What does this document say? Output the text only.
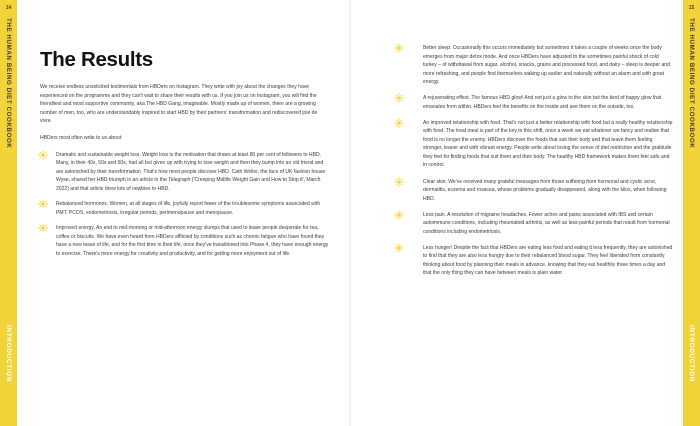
14
THE HUMAN BEING DIET COOKBOOK
INTRODUCTION
15
THE HUMAN BEING DIET COOKBOOK
INTRODUCTION
The Results

We receive endless unsolicited testimonials from HBDers on Instagram. They write with joy about the changes they have experienced on the programme and they can't wait to share their results with us. If you join us on Instagram, you will find the friendliest and most supportive community, aka The HBD Gang, imaginable. Mostly made up of women, there are a growing number of men, too, who are understandably inspired to start HBD by their partners' transformation and rediscovered joie de vivre.

HBDers most often write to us about:

Dramatic and sustainable weight loss. Weight loss is the motivation that draws at least 80 per cent of followers to HBD. Many, in their 40s, 50s and 60s, had all but given up with trying to lose weight and then they bump into an old friend and are astonished by their transformation. That's how most people discover HBD. Cath Weller, the face of UK fashion house Wyse, shared her HBD triumph in an article in the Telegraph ('Creeping Midlife Weight Gain and How to Stop it', March 2022) and that article drew lots of newbies to HBD.
Rebalanced hormones. Women, at all stages of life, joyfully report fewer of the troublesome symptoms associated with PMT, PCOS, endometriosis, irregular periods, perimenopause and menopause.
Improved energy. An end to mid-morning or mid-afternoon energy slumps that used to leave people desperate for tea, coffee or biscuits. We have even heard from HBDers afflicted by conditions such as chronic fatigue who have found they have a new lease of life, and for the first time in their life, once they've transitioned into Phase 4, they have enough energy to exercise. There's more energy for creativity and productivity, and for getting more enjoyment out of life.
Better sleep. Occasionally this occurs immediately but sometimes it takes a couple of weeks once the body emerges from major detox mode. And once HBDers have adjusted to the sometimes painful shock of cold turkey – of withdrawal from sugar, alcohol, snacks, grains and processed food, and dairy – sleep is deeper and more refreshing, and people find themselves waking up earlier and naturally without an alarm and with great energy.
A rejuvenating effect. The famous HBD glow! And not just a glow to the skin but the kind of happy glow that emanates from within. HBDers feel the benefits on the inside and see them on the outside, too.
An improved relationship with food. That's not just a better relationship with food but a really healthy relationship with food. The treat meal is part of the key to this shift, once a week we eat whatever we fancy and realise that food is no longer the enemy. HBDers discover the foods that suit their body and that leave them feeling stronger, leaner and with vibrant energy. People write about losing the sense of diet restriction and the gratitude they feel for finding foods that suit them and their body. The healthy HBD framework makes them feel safe and in control.
Clear skin. We've received many grateful messages from those suffering from hormonal and cystic acne, dermatitis, eczema and rosacea, whose problems gradually disappeared, along with the kilos, when following HBD.
Less pain. A resolution of migraine headaches. Fewer aches and pains associated with IBS and certain autoimmune conditions, including rheumatoid arthritis, as well as less-painful periods that result from hormonal conditions including endometriosis.
Less hunger! Despite the fact that HBDers are eating less food and eating it less frequently, they are astonished to find that they are also less hungry due to their rebalanced blood sugar. They feel liberated from constantly thinking about food by planning their meals in advance, knowing that they eat healthily three times a day and that the only thing they can have between meals is plain water.
